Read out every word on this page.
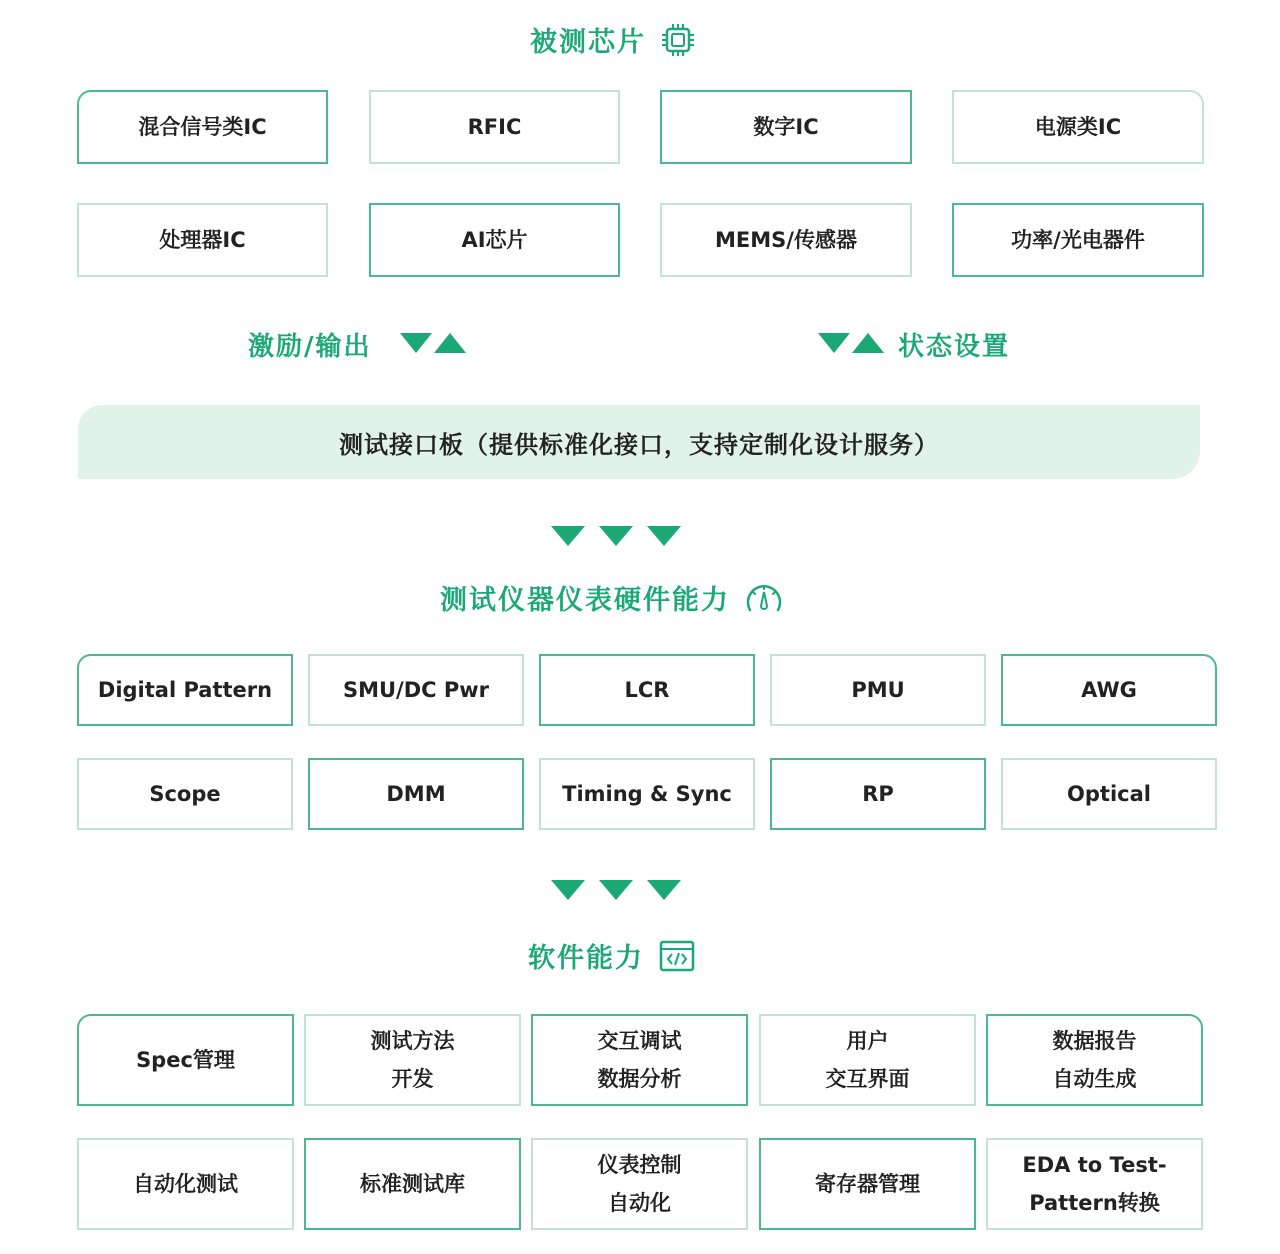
被测芯片
混合信号类IC	RFIC	数字IC	电源类IC
处理器IC	AI芯片	MEMS/传感器	功率/光电器件
激励/输出	状态设置
测试接口板（提供标准化接口，支持定制化设计服务）
测试仪器仪表硬件能力
Digital Pattern	SMU/DC Pwr	LCR	PMU	AWG
Scope	DMM	Timing & Sync	RP	Optical
软件能力
Spec管理
测试方法
开发
交互调试
数据分析
用户
交互界面
数据报告
自动生成
自动化测试	标准测试库
仪表控制
自动化
寄存器管理
EDA to Test-
Pattern转换
